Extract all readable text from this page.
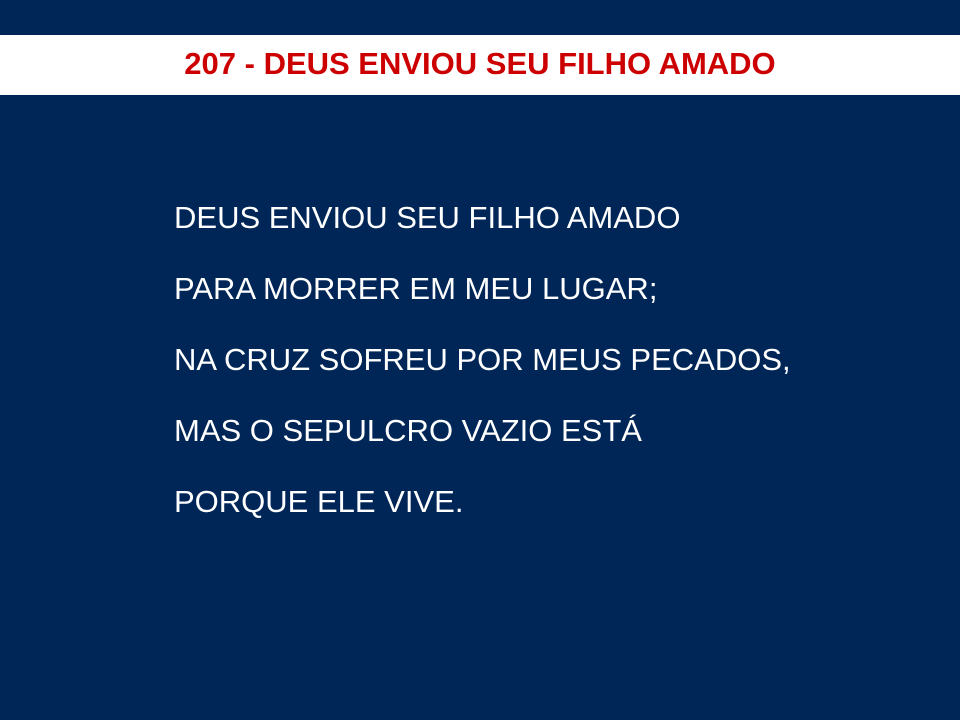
207 - DEUS ENVIOU SEU FILHO AMADO
DEUS ENVIOU SEU FILHO AMADO
PARA MORRER EM MEU LUGAR;
NA CRUZ SOFREU POR MEUS PECADOS,
MAS O SEPULCRO VAZIO ESTÁ
PORQUE ELE VIVE.
